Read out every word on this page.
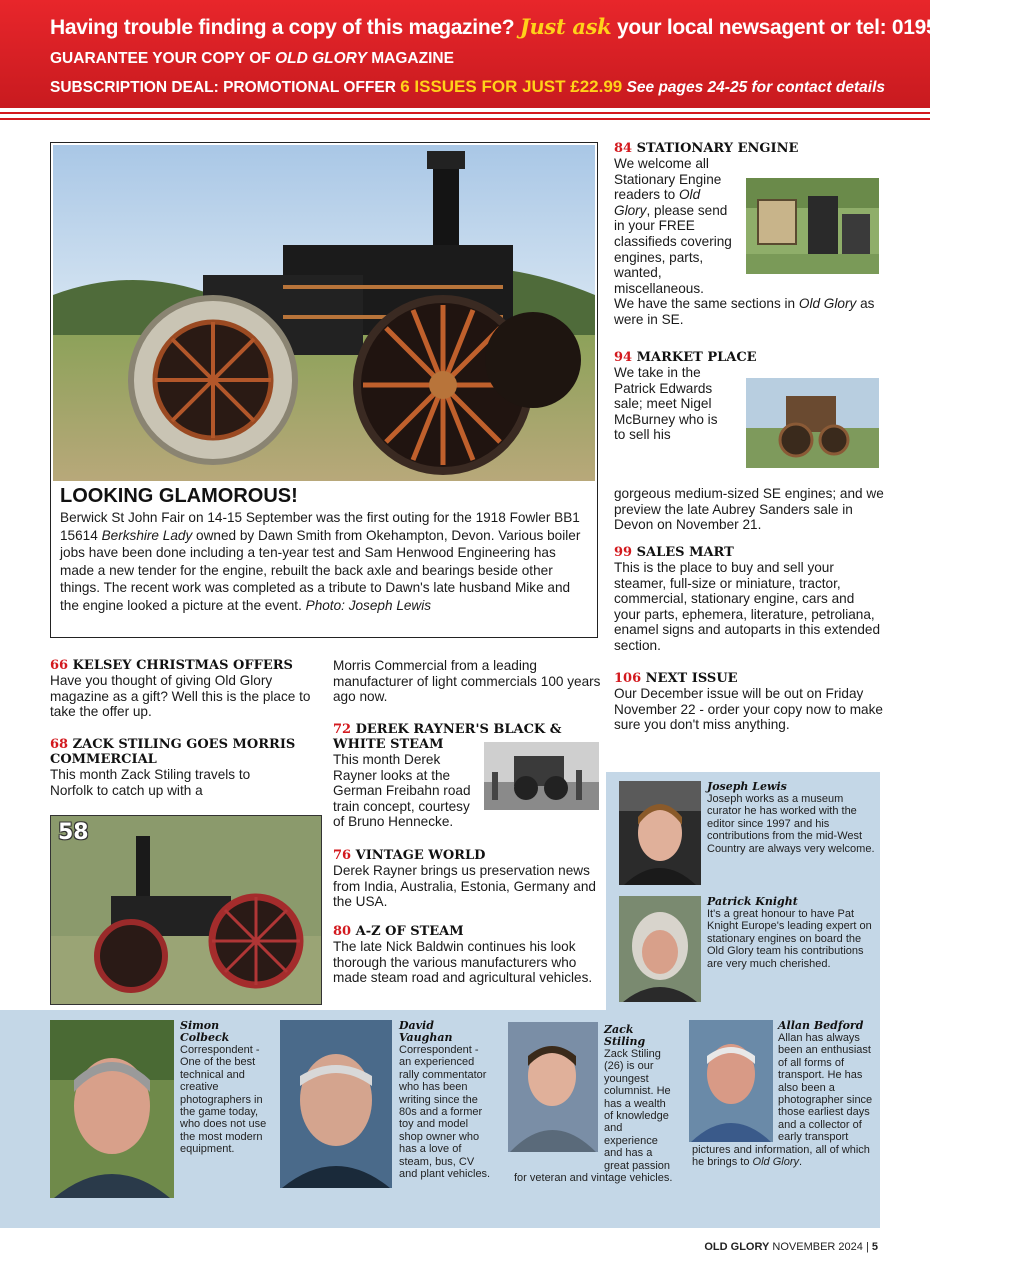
Having trouble finding a copy of this magazine? Just ask your local newsagent or tel: 01959 541444
GUARANTEE YOUR COPY OF OLD GLORY MAGAZINE
SUBSCRIPTION DEAL: PROMOTIONAL OFFER 6 ISSUES FOR JUST £22.99 See pages 24-25 for contact details
LOOKING GLAMOROUS!
Berwick St John Fair on 14-15 September was the first outing for the 1918 Fowler BB1 15614 Berkshire Lady owned by Dawn Smith from Okehampton, Devon. Various boiler jobs have been done including a ten-year test and Sam Henwood Engineering has made a new tender for the engine, rebuilt the back axle and bearings beside other things. The recent work was completed as a tribute to Dawn's late husband Mike and the engine looked a picture at the event. Photo: Joseph Lewis
66 KELSEY CHRISTMAS OFFERS
Have you thought of giving Old Glory magazine as a gift? Well this is the place to take the offer up.
68 ZACK STILING GOES MORRIS COMMERCIAL
This month Zack Stiling travels to Norfolk to catch up with a
58
Morris Commercial from a leading manufacturer of light commercials 100 years ago now.
72 DEREK RAYNER'S BLACK & WHITE STEAM
This month Derek Rayner looks at the German Freibahn road train concept, courtesy of Bruno Hennecke.
76 VINTAGE WORLD
Derek Rayner brings us preservation news from India, Australia, Estonia, Germany and the USA.
80 A-Z OF STEAM
The late Nick Baldwin continues his look thorough the various manufacturers who made steam road and agricultural vehicles.
84 STATIONARY ENGINE
We welcome all Stationary Engine readers to Old Glory, please send in your FREE classifieds covering engines, parts, wanted, miscellaneous.
We have the same sections in Old Glory as were in SE.
94 MARKET PLACE
We take in the Patrick Edwards sale; meet Nigel McBurney who is to sell his
gorgeous medium-sized SE engines; and we preview the late Aubrey Sanders sale in Devon on November 21.
99 SALES MART
This is the place to buy and sell your steamer, full-size or miniature, tractor, commercial, stationary engine, cars and your parts, ephemera, literature, petroliana, enamel signs and autoparts in this extended section.
106 NEXT ISSUE
Our December issue will be out on Friday November 22 - order your copy now to make sure you don't miss anything.
Joseph Lewis
Joseph works as a museum curator he has worked with the editor since 1997 and his contributions from the mid-West Country are always very welcome.
Patrick Knight
It's a great honour to have Pat Knight Europe's leading expert on stationary engines on board the Old Glory team his contributions are very much cherished.
Simon Colbeck
Correspondent - One of the best technical and creative photographers in the game today, who does not use the most modern equipment.
David Vaughan
Correspondent - an experienced rally commentator who has been writing since the 80s and a former toy and model shop owner who has a love of steam, bus, CV and plant vehicles.
Zack Stiling
Zack Stiling (26) is our youngest columnist. He has a wealth of knowledge and experience and has a great passion for veteran and vintage vehicles.
Allan Bedford
Allan has always been an enthusiast of all forms of transport. He has also been a photographer since those earliest days and a collector of early transport pictures and information, all of which he brings to Old Glory.
OLD GLORY NOVEMBER 2024 | 5
